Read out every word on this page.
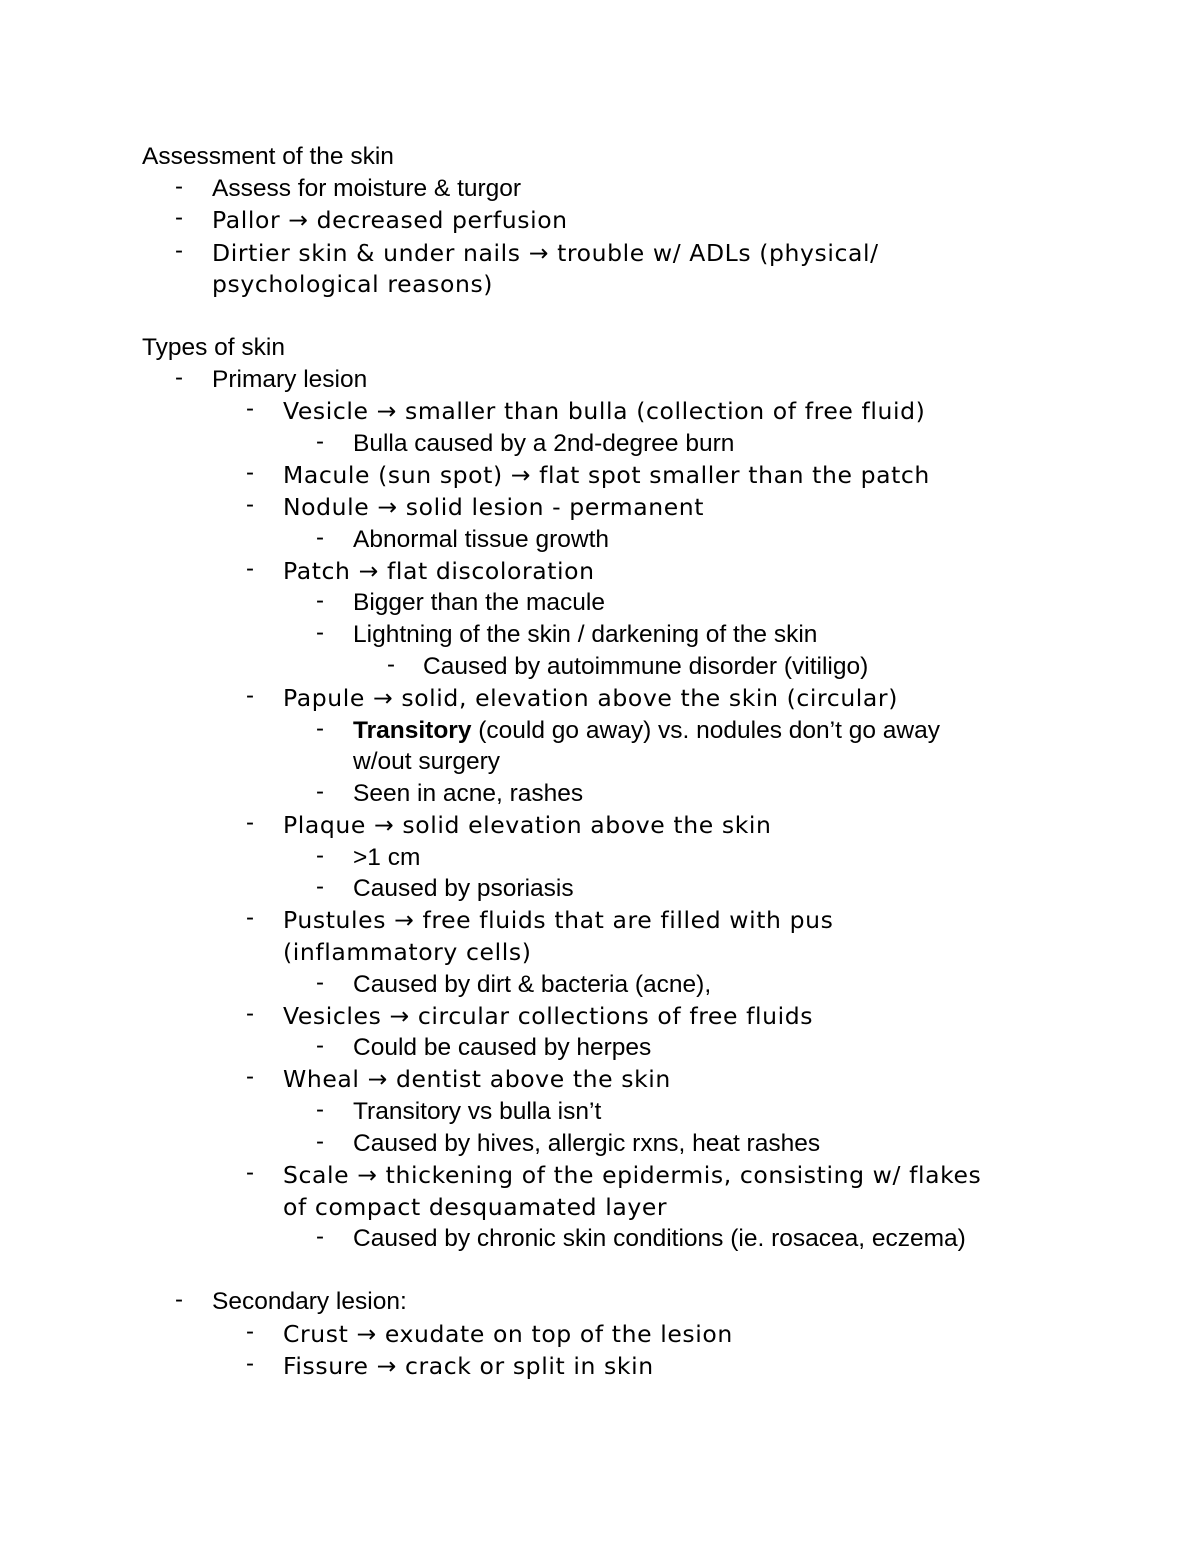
Assessment of the skin
- Assess for moisture & turgor
- Pallor → decreased perfusion
- Dirtier skin & under nails → trouble w/ ADLs (physical/
psychological reasons)
Types of skin
- Primary lesion
- Vesicle → smaller than bulla (collection of free fluid)
- Bulla caused by a 2nd-degree burn
- Macule (sun spot) → flat spot smaller than the patch
- Nodule → solid lesion - permanent
- Abnormal tissue growth
- Patch → flat discoloration
- Bigger than the macule
- Lightning of the skin / darkening of the skin
- Caused by autoimmune disorder (vitiligo)
- Papule → solid, elevation above the skin (circular)
- Transitory (could go away) vs. nodules don’t go away
w/out surgery
- Seen in acne, rashes
- Plaque → solid elevation above the skin
- >1 cm
- Caused by psoriasis
- Pustules → free fluids that are filled with pus
(inflammatory cells)
- Caused by dirt & bacteria (acne),
- Vesicles → circular collections of free fluids
- Could be caused by herpes
- Wheal → dentist above the skin
- Transitory vs bulla isn’t
- Caused by hives, allergic rxns, heat rashes
- Scale → thickening of the epidermis, consisting w/ flakes
of compact desquamated layer
- Caused by chronic skin conditions (ie. rosacea, eczema)
- Secondary lesion:
- Crust → exudate on top of the lesion
- Fissure → crack or split in skin
